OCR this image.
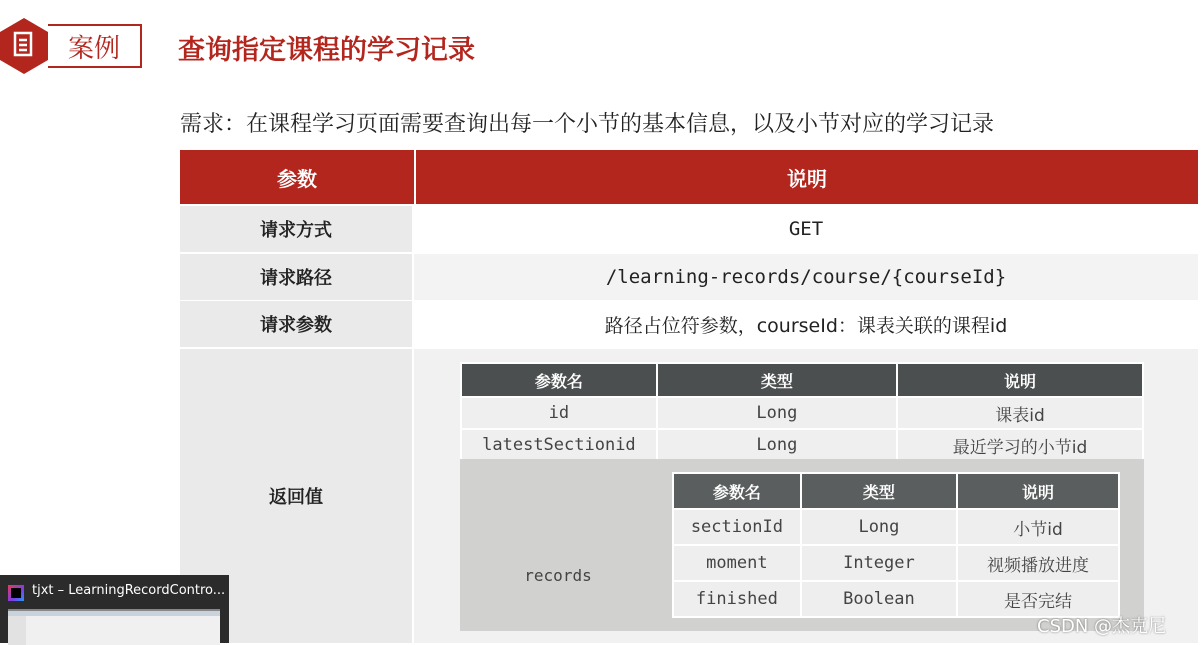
案例	查询指定课程的学习记录
需求：在课程学习页面需要查询出每一个小节的基本信息，以及小节对应的学习记录
参数	说明
请求方式	GET
请求路径	/learning-records/course/{courseId}
请求参数	路径占位符参数，courseId：课表关联的课程id
返回值
参数名	类型	说明
id	Long	课表id
latestSectionid	Long	最近学习的小节id
records
参数名	类型	说明
sectionId	Long	小节id
moment	Integer	视频播放进度
finished	Boolean	是否完结
tjxt – LearningRecordContro...
CSDN @杰克尼
